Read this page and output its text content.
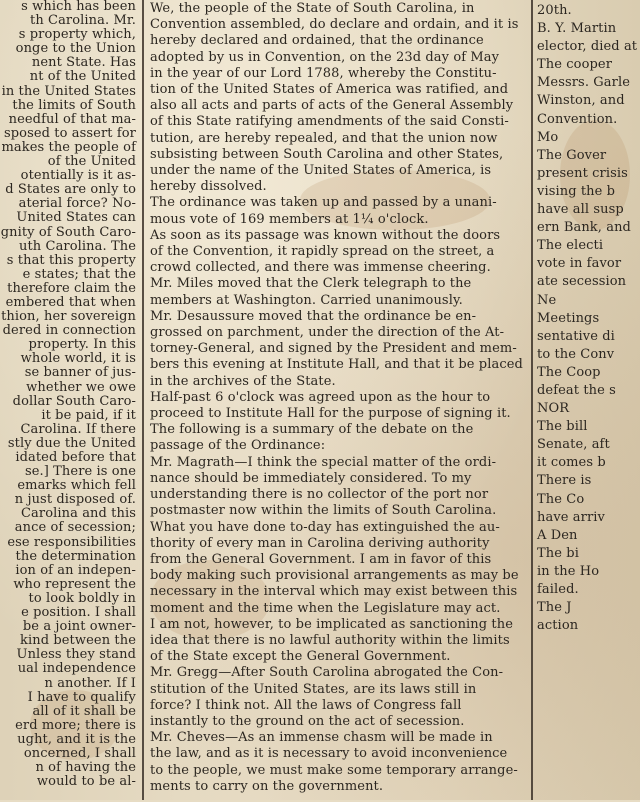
s which has been
th Carolina. Mr.
s property which,
onge to the Union
nent State. Has
nt of the United
in the United States
the limits of South
needful of that ma-
sposed to assert for
makes the people of
of the United
otentially is it as-
d States are only to
aterial force? No-
United States can
gnity of South Caro-
uth Carolina. The
s that this property
e states; that the
therefore claim the
embered that when
thion, her sovereign
dered in connection
property. In this
whole world, it is
se banner of jus-
whether we owe
dollar South Caro-
it be paid, if it
Carolina. If there
stly due the United
idated before that
se.] There is one
emarks which fell
n just disposed of.
Carolina and this
ance of secession;
ese responsibilities
the determination
ion of an indepen-
who represent the
to look boldly in
e position. I shall
be a joint owner-
kind between the
Unless they stand
ual independence
n another. If I
I have to qualify
all of it shall be
erd more; there is
ught, and it is the
oncerned, I shall
n of having the
would to be al-
We, the people of the State of South Carolina, in
Convention assembled, do declare and ordain, and it is
hereby declared and ordained, that the ordinance
adopted by us in Convention, on the 23d day of May
in the year of our Lord 1788, whereby the Constitu-
tion of the United States of America was ratified, and
also all acts and parts of acts of the General Assembly
of this State ratifying amendments of the said Consti-
tution, are hereby repealed, and that the union now
subsisting between South Carolina and other States,
under the name of the United States of America, is
hereby dissolved.
The ordinance was taken up and passed by a unani-
mous vote of 169 members at 1¼ o'clock.
As soon as its passage was known without the doors
of the Convention, it rapidly spread on the street, a
crowd collected, and there was immense cheering.
Mr. Miles moved that the Clerk telegraph to the
members at Washington. Carried unanimously.
Mr. Desaussure moved that the ordinance be en-
grossed on parchment, under the direction of the At-
torney-General, and signed by the President and mem-
bers this evening at Institute Hall, and that it be placed
in the archives of the State.
Half-past 6 o'clock was agreed upon as the hour to
proceed to Institute Hall for the purpose of signing it.
The following is a summary of the debate on the
passage of the Ordinance:
Mr. Magrath—I think the special matter of the ordi-
nance should be immediately considered. To my
understanding there is no collector of the port nor
postmaster now within the limits of South Carolina.
What you have done to-day has extinguished the au-
thority of every man in Carolina deriving authority
from the General Government. I am in favor of this
body making such provisional arrangements as may be
necessary in the interval which may exist between this
moment and the time when the Legislature may act.
I am not, however, to be implicated as sanctioning the
idea that there is no lawful authority within the limits
of the State except the General Government.
Mr. Gregg—After South Carolina abrogated the Con-
stitution of the United States, are its laws still in
force? I think not. All the laws of Congress fall
instantly to the ground on the act of secession.
Mr. Cheves—As an immense chasm will be made in
the law, and as it is necessary to avoid inconvenience
to the people, we must make some temporary arrange-
ments to carry on the government.
20th.
B. Y. Martin
elector, died at
The cooper
Messrs. Garle
Winston, and
Convention.
Mo
The Gover
present crisis
vising the b
have all susp
ern Bank, and
The electi
vote in favor
ate secession
Ne
Meetings
sentative di
to the Conv
The Coop
defeat the s
NOR
The bill
Senate, aft
it comes b
There is
The Co
have arriv
A Den
The bi
in the Ho
failed.
The J
action
